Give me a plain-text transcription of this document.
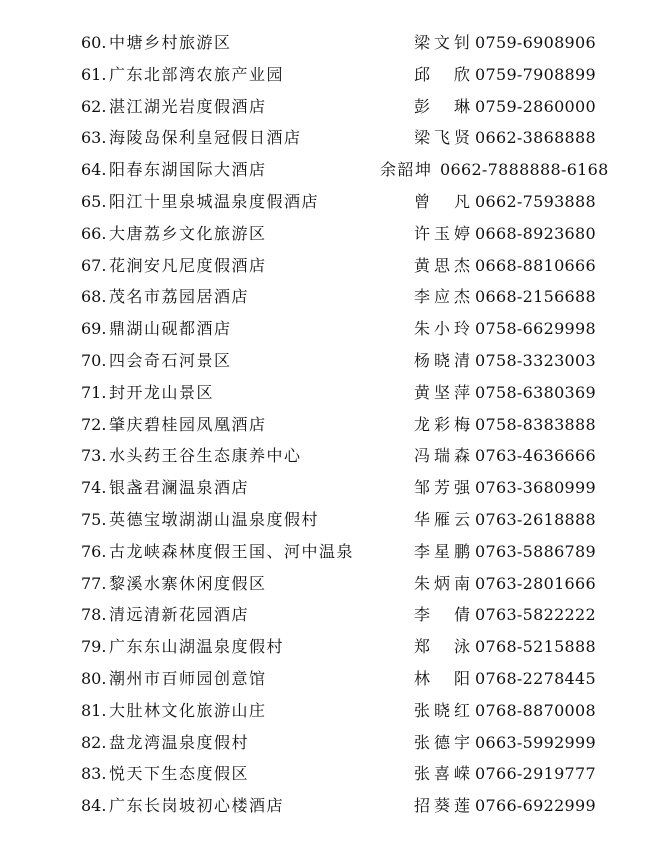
60. 中塘乡村旅游区	梁文钊 0759-6908906
61. 广东北部湾农旅产业园	邱 欣 0759-7908899
62. 湛江湖光岩度假酒店	彭 琳 0759-2860000
63. 海陵岛保利皇冠假日酒店	梁飞贤 0662-3868888
64. 阳春东湖国际大酒店	余韶坤 0662-7888888-6168
65. 阳江十里泉城温泉度假酒店	曾 凡 0662-7593888
66. 大唐荔乡文化旅游区	许玉婷 0668-8923680
67. 花涧安凡尼度假酒店	黄思杰 0668-8810666
68. 茂名市荔园居酒店	李应杰 0668-2156688
69. 鼎湖山砚都酒店	朱小玲 0758-6629998
70. 四会奇石河景区	杨晓清 0758-3323003
71. 封开龙山景区	黄坚萍 0758-6380369
72. 肇庆碧桂园凤凰酒店	龙彩梅 0758-8383888
73. 水头药王谷生态康养中心	冯瑞森 0763-4636666
74. 银盏君澜温泉酒店	邹芳强 0763-3680999
75. 英德宝墩湖湖山温泉度假村	华雁云 0763-2618888
76. 古龙峡森林度假王国、河中温泉	李星鹏 0763-5886789
77. 黎溪水寨休闲度假区	朱炳南 0763-2801666
78. 清远清新花园酒店	李 倩 0763-5822222
79. 广东东山湖温泉度假村	郑 泳 0768-5215888
80. 潮州市百师园创意馆	林 阳 0768-2278445
81. 大肚林文化旅游山庄	张晓红 0768-8870008
82. 盘龙湾温泉度假村	张德宇 0663-5992999
83. 悦天下生态度假区	张喜嵘 0766-2919777
84. 广东长岗坡初心楼酒店	招葵莲 0766-6922999
